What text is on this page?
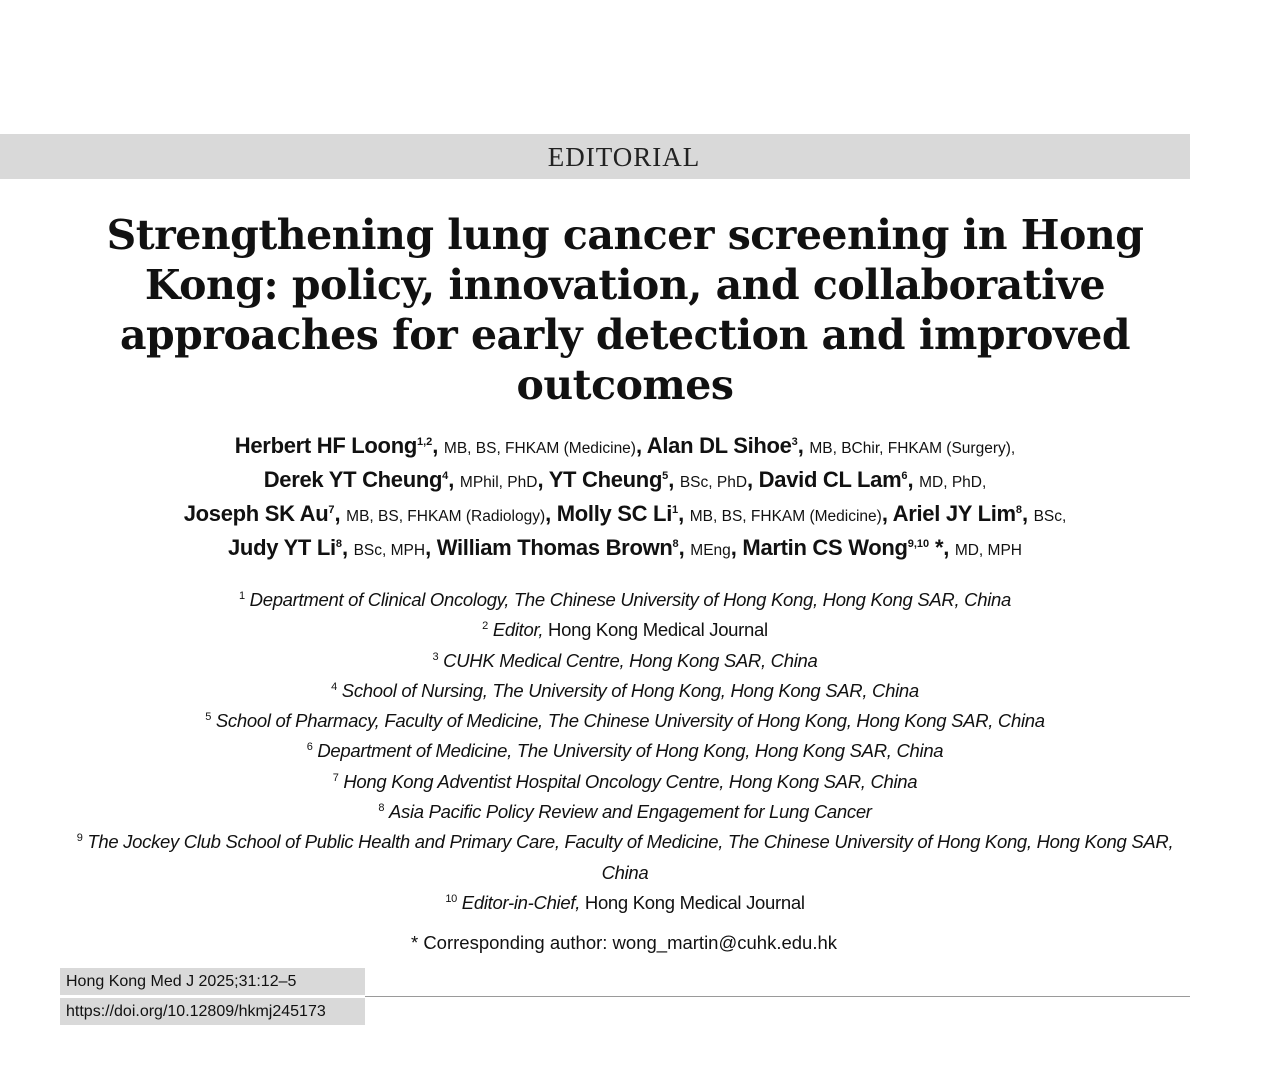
EDITORIAL
Strengthening lung cancer screening in Hong Kong: policy, innovation, and collaborative approaches for early detection and improved outcomes
Herbert HF Loong$^{1,2}$, MB, BS, FHKAM (Medicine), Alan DL Sihoe$^3$, MB, BChir, FHKAM (Surgery),
Derek YT Cheung$^4$, MPhil, PhD, YT Cheung$^5$, BSc, PhD, David CL Lam$^6$, MD, PhD,
Joseph SK Au$^7$, MB, BS, FHKAM (Radiology), Molly SC Li$^1$, MB, BS, FHKAM (Medicine), Ariel JY Lim$^8$, BSc,
Judy YT Li$^8$, BSc, MPH, William Thomas Brown$^8$, MEng, Martin CS Wong$^{9,10}$ *, MD, MPH
$^1$ Department of Clinical Oncology, The Chinese University of Hong Kong, Hong Kong SAR, China
$^2$ Editor, Hong Kong Medical Journal
$^3$ CUHK Medical Centre, Hong Kong SAR, China
$^4$ School of Nursing, The University of Hong Kong, Hong Kong SAR, China
$^5$ School of Pharmacy, Faculty of Medicine, The Chinese University of Hong Kong, Hong Kong SAR, China
$^6$ Department of Medicine, The University of Hong Kong, Hong Kong SAR, China
$^7$ Hong Kong Adventist Hospital Oncology Centre, Hong Kong SAR, China
$^8$ Asia Pacific Policy Review and Engagement for Lung Cancer
$^9$ The Jockey Club School of Public Health and Primary Care, Faculty of Medicine, The Chinese University of Hong Kong, Hong Kong SAR, China
$^{10}$ Editor-in-Chief, Hong Kong Medical Journal
* Corresponding author: wong_martin@cuhk.edu.hk
Hong Kong Med J 2025;31:12–5
https://doi.org/10.12809/hkmj245173
